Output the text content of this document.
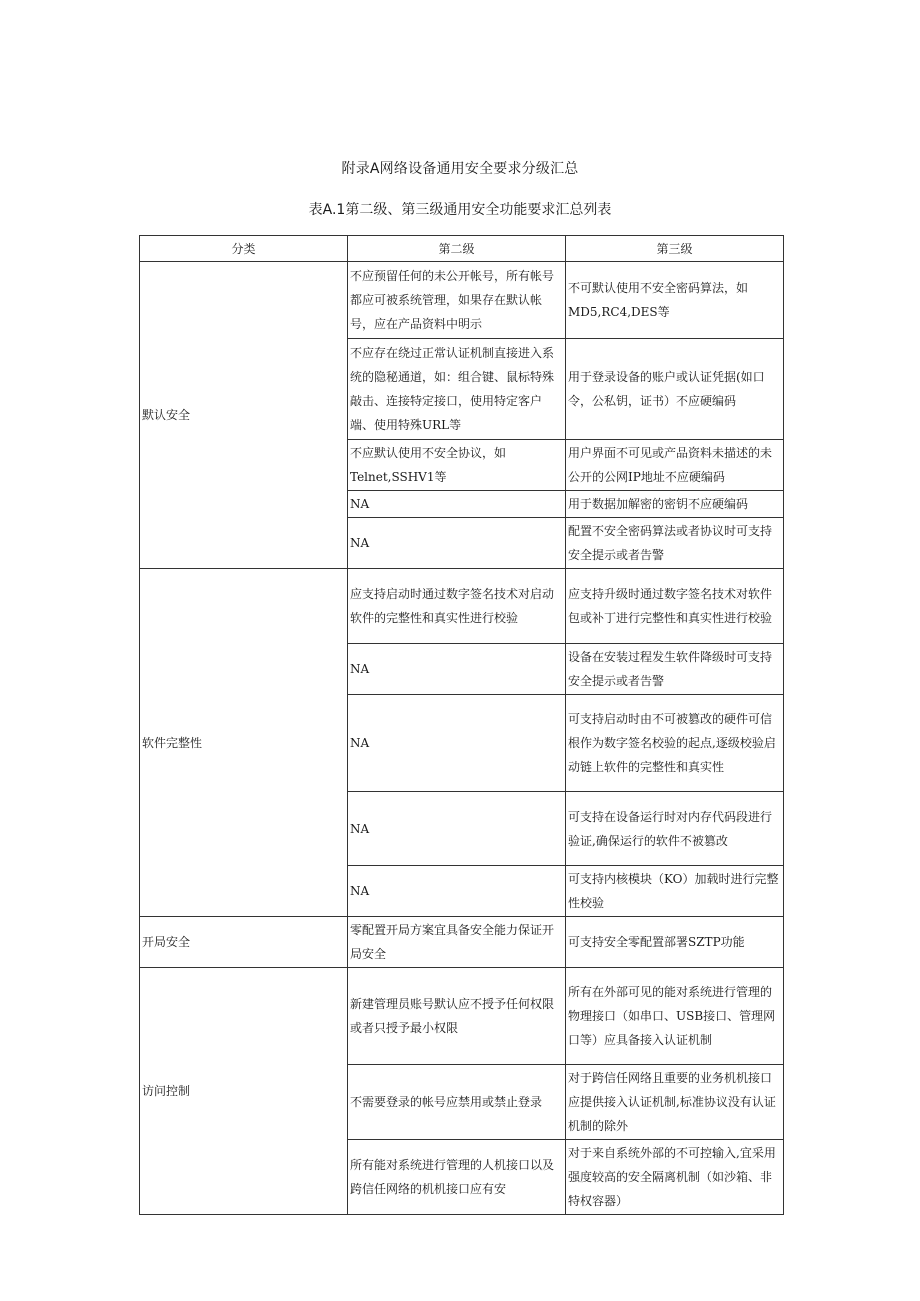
附录A网络设备通用安全要求分级汇总
表A.1第二级、第三级通用安全功能要求汇总列表
分类	第二级	第三级
默认安全	不应预留任何的未公开帐号，所有帐号都应可被系统管理，如果存在默认帐号，应在产品资料中明示	不可默认使用不安全密码算法，如MD5,RC4,DES等
	不应存在绕过正常认证机制直接进入系统的隐秘通道，如：组合键、鼠标特殊敲击、连接特定接口，使用特定客户端、使用特殊URL等	用于登录设备的账户或认证凭据(如口令，公私钥，证书）不应硬编码
	不应默认使用不安全协议，如Telnet,SSHV1等	用户界面不可见或产品资料未描述的未公开的公网IP地址不应硬编码
	NA	用于数据加解密的密钥不应硬编码
	NA	配置不安全密码算法或者协议时可支持安全提示或者告警
软件完整性	应支持启动时通过数字签名技术对启动软件的完整性和真实性进行校验	应支持升级时通过数字签名技术对软件包或补丁进行完整性和真实性进行校验
	NA	设备在安装过程发生软件降级时可支持安全提示或者告警
	NA	可支持启动时由不可被篡改的硬件可信根作为数字签名校验的起点,逐级校验启动链上软件的完整性和真实性
	NA	可支持在设备运行时对内存代码段进行验证,确保运行的软件不被篡改
	NA	可支持内核模块（KO）加载时进行完整性校验
开局安全	零配置开局方案宜具备安全能力保证开局安全	可支持安全零配置部署SZTP功能
访问控制	新建管理员账号默认应不授予任何权限或者只授予最小权限	所有在外部可见的能对系统进行管理的物理接口（如串口、USB接口、管理网口等）应具备接入认证机制
	不需要登录的帐号应禁用或禁止登录	对于跨信任网络且重要的业务机机接口应提供接入认证机制,标准协议没有认证机制的除外
	所有能对系统进行管理的人机接口以及跨信任网络的机机接口应有安	对于来自系统外部的不可控输入,宜采用强度较高的安全隔离机制（如沙箱、非特权容器）
